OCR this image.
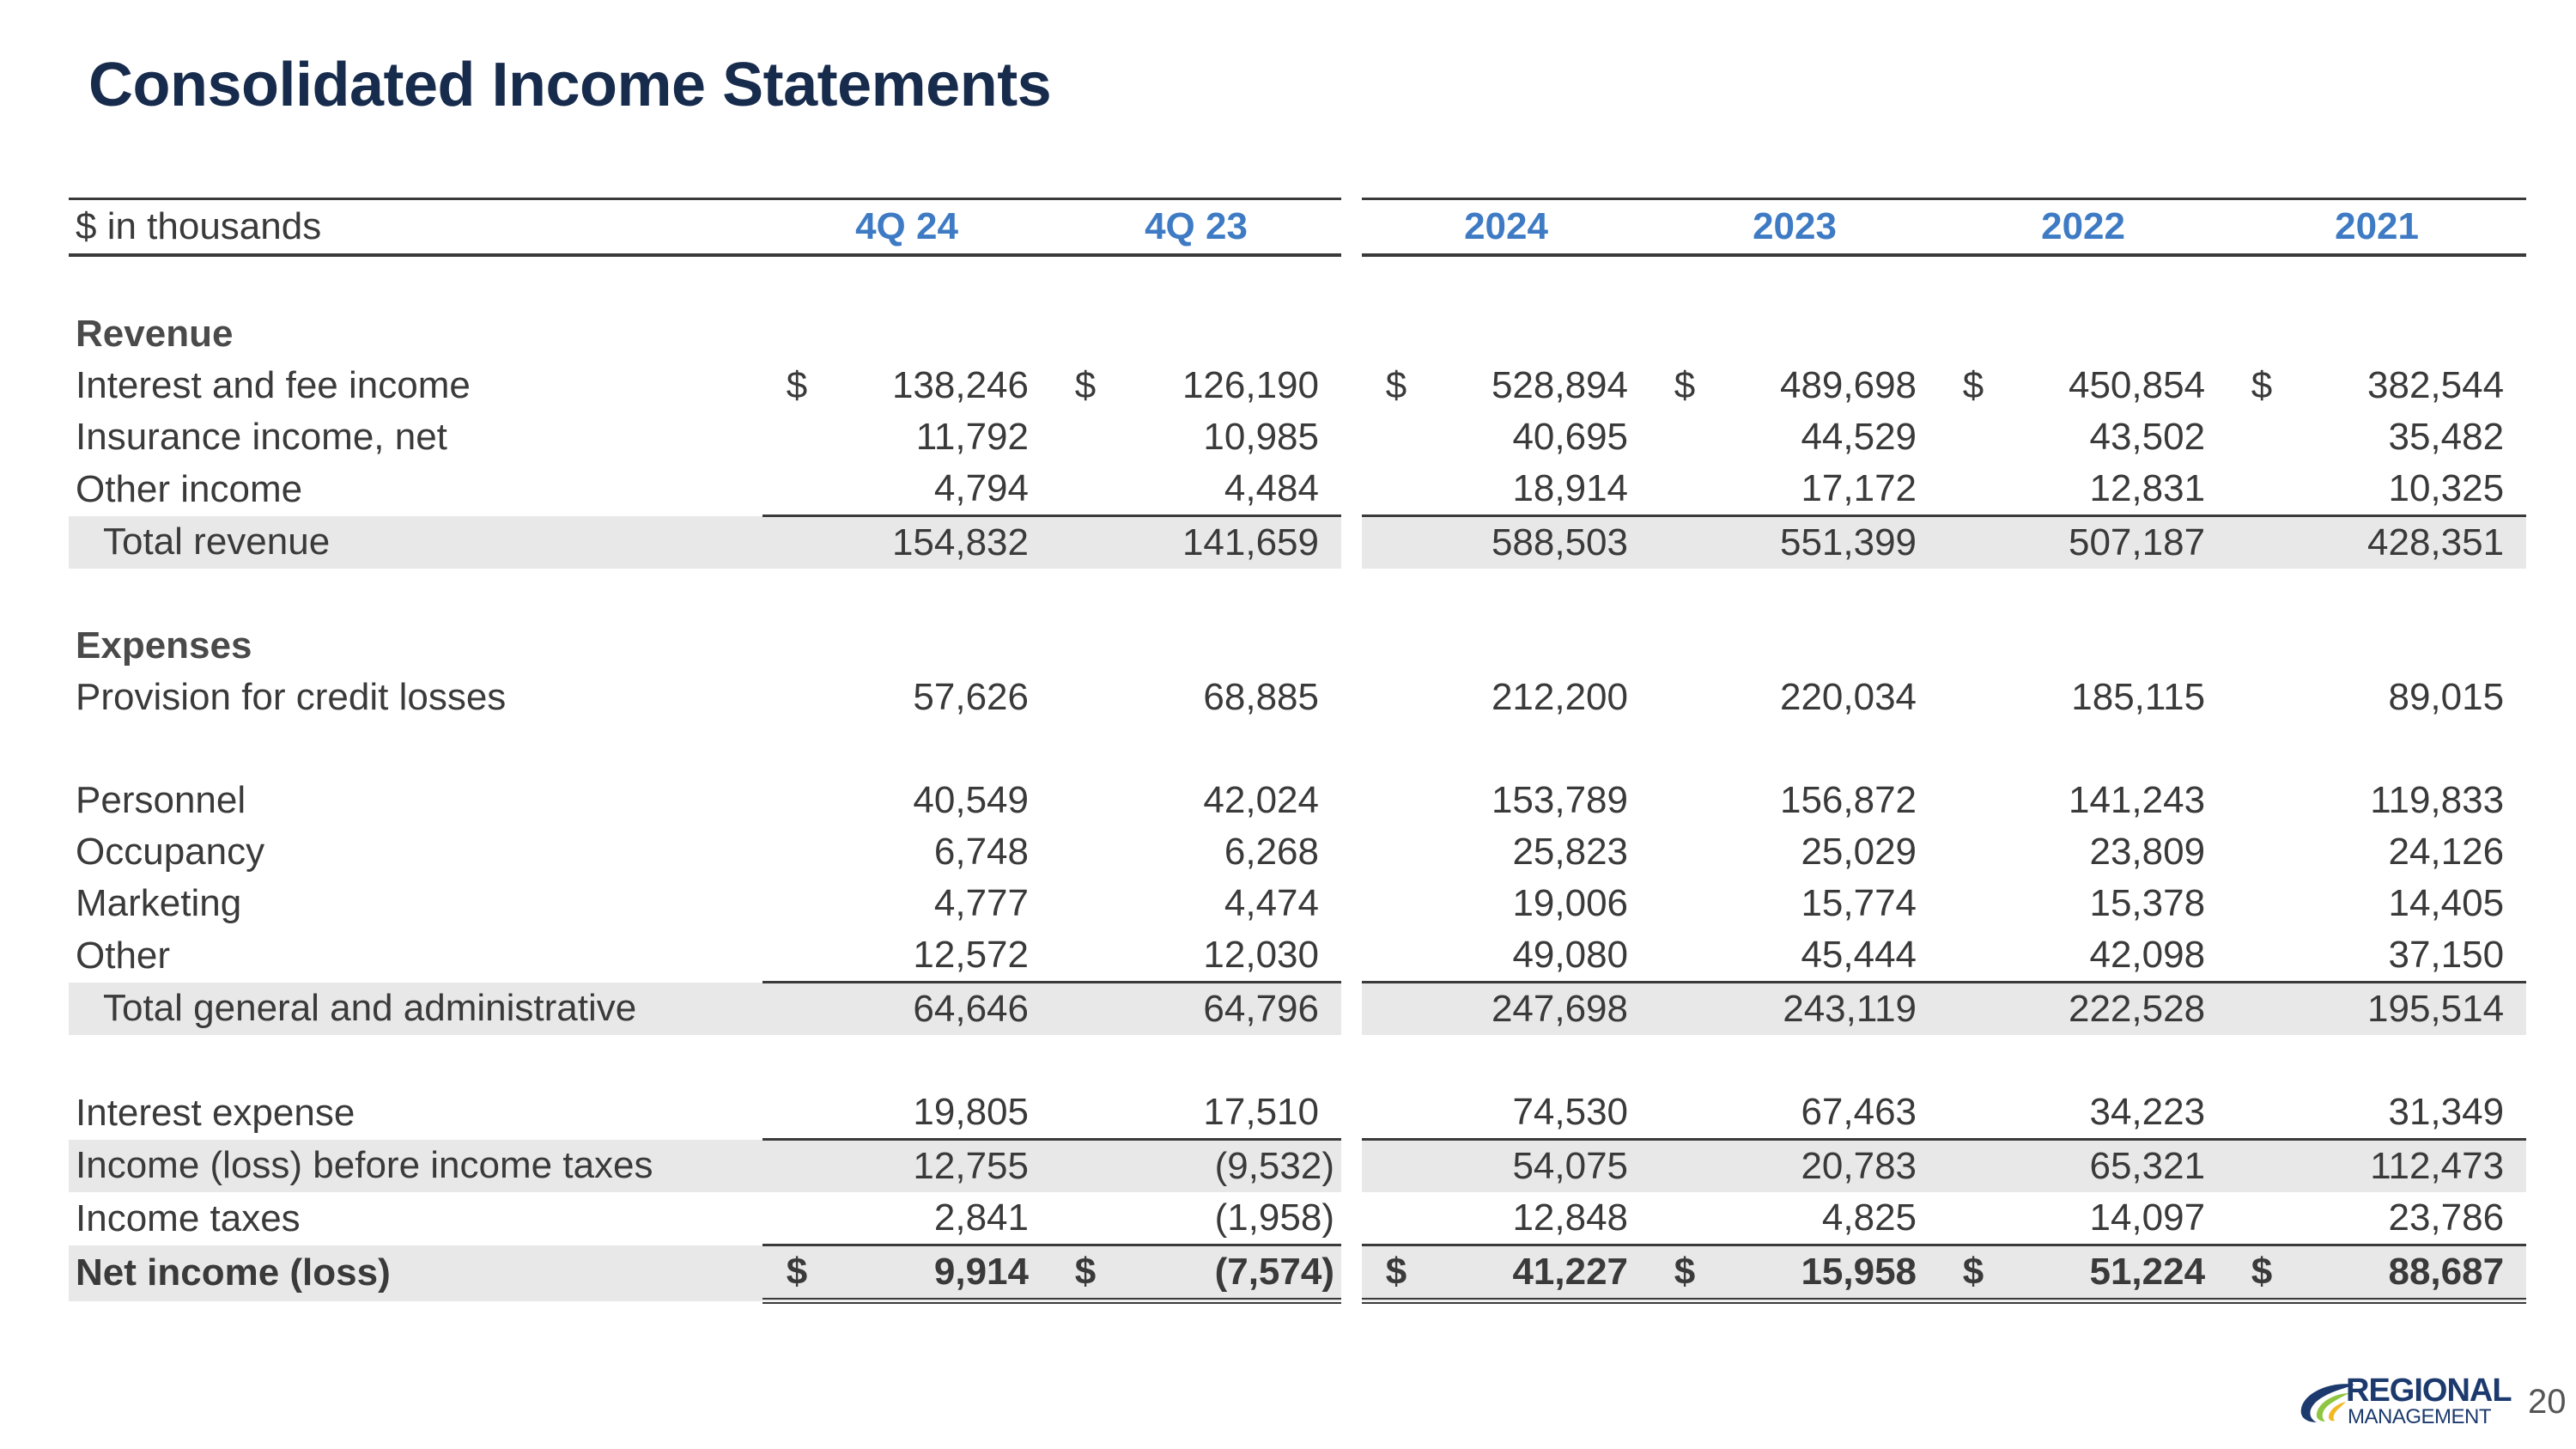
Consolidated Income Statements
$ in thousands	4Q 24		4Q 23			2024		2023		2022		2021	

Revenue													
Interest and fee income	$	138,246	$	126,190		$	528,894	$	489,698	$	450,854	$	382,544
Insurance income, net		11,792		10,985			40,695		44,529		43,502		35,482
Other income		4,794		4,484			18,914		17,172		12,831		10,325
Total revenue		154,832		141,659			588,503		551,399		507,187		428,351

Expenses													
Provision for credit losses		57,626		68,885			212,200		220,034		185,115		89,015

Personnel		40,549		42,024			153,789		156,872		141,243		119,833
Occupancy		6,748		6,268			25,823		25,029		23,809		24,126
Marketing		4,777		4,474			19,006		15,774		15,378		14,405
Other		12,572		12,030			49,080		45,444		42,098		37,150
Total general and administrative		64,646		64,796			247,698		243,119		222,528		195,514

Interest expense		19,805		17,510			74,530		67,463		34,223		31,349
Income (loss) before income taxes		12,755		(9,532)			54,075		20,783		65,321		112,473
Income taxes		2,841		(1,958)			12,848		4,825		14,097		23,786
Net income (loss)	$	9,914	$	(7,574)		$	41,227	$	15,958	$	51,224	$	88,687
REGIONAL
MANAGEMENT 20
